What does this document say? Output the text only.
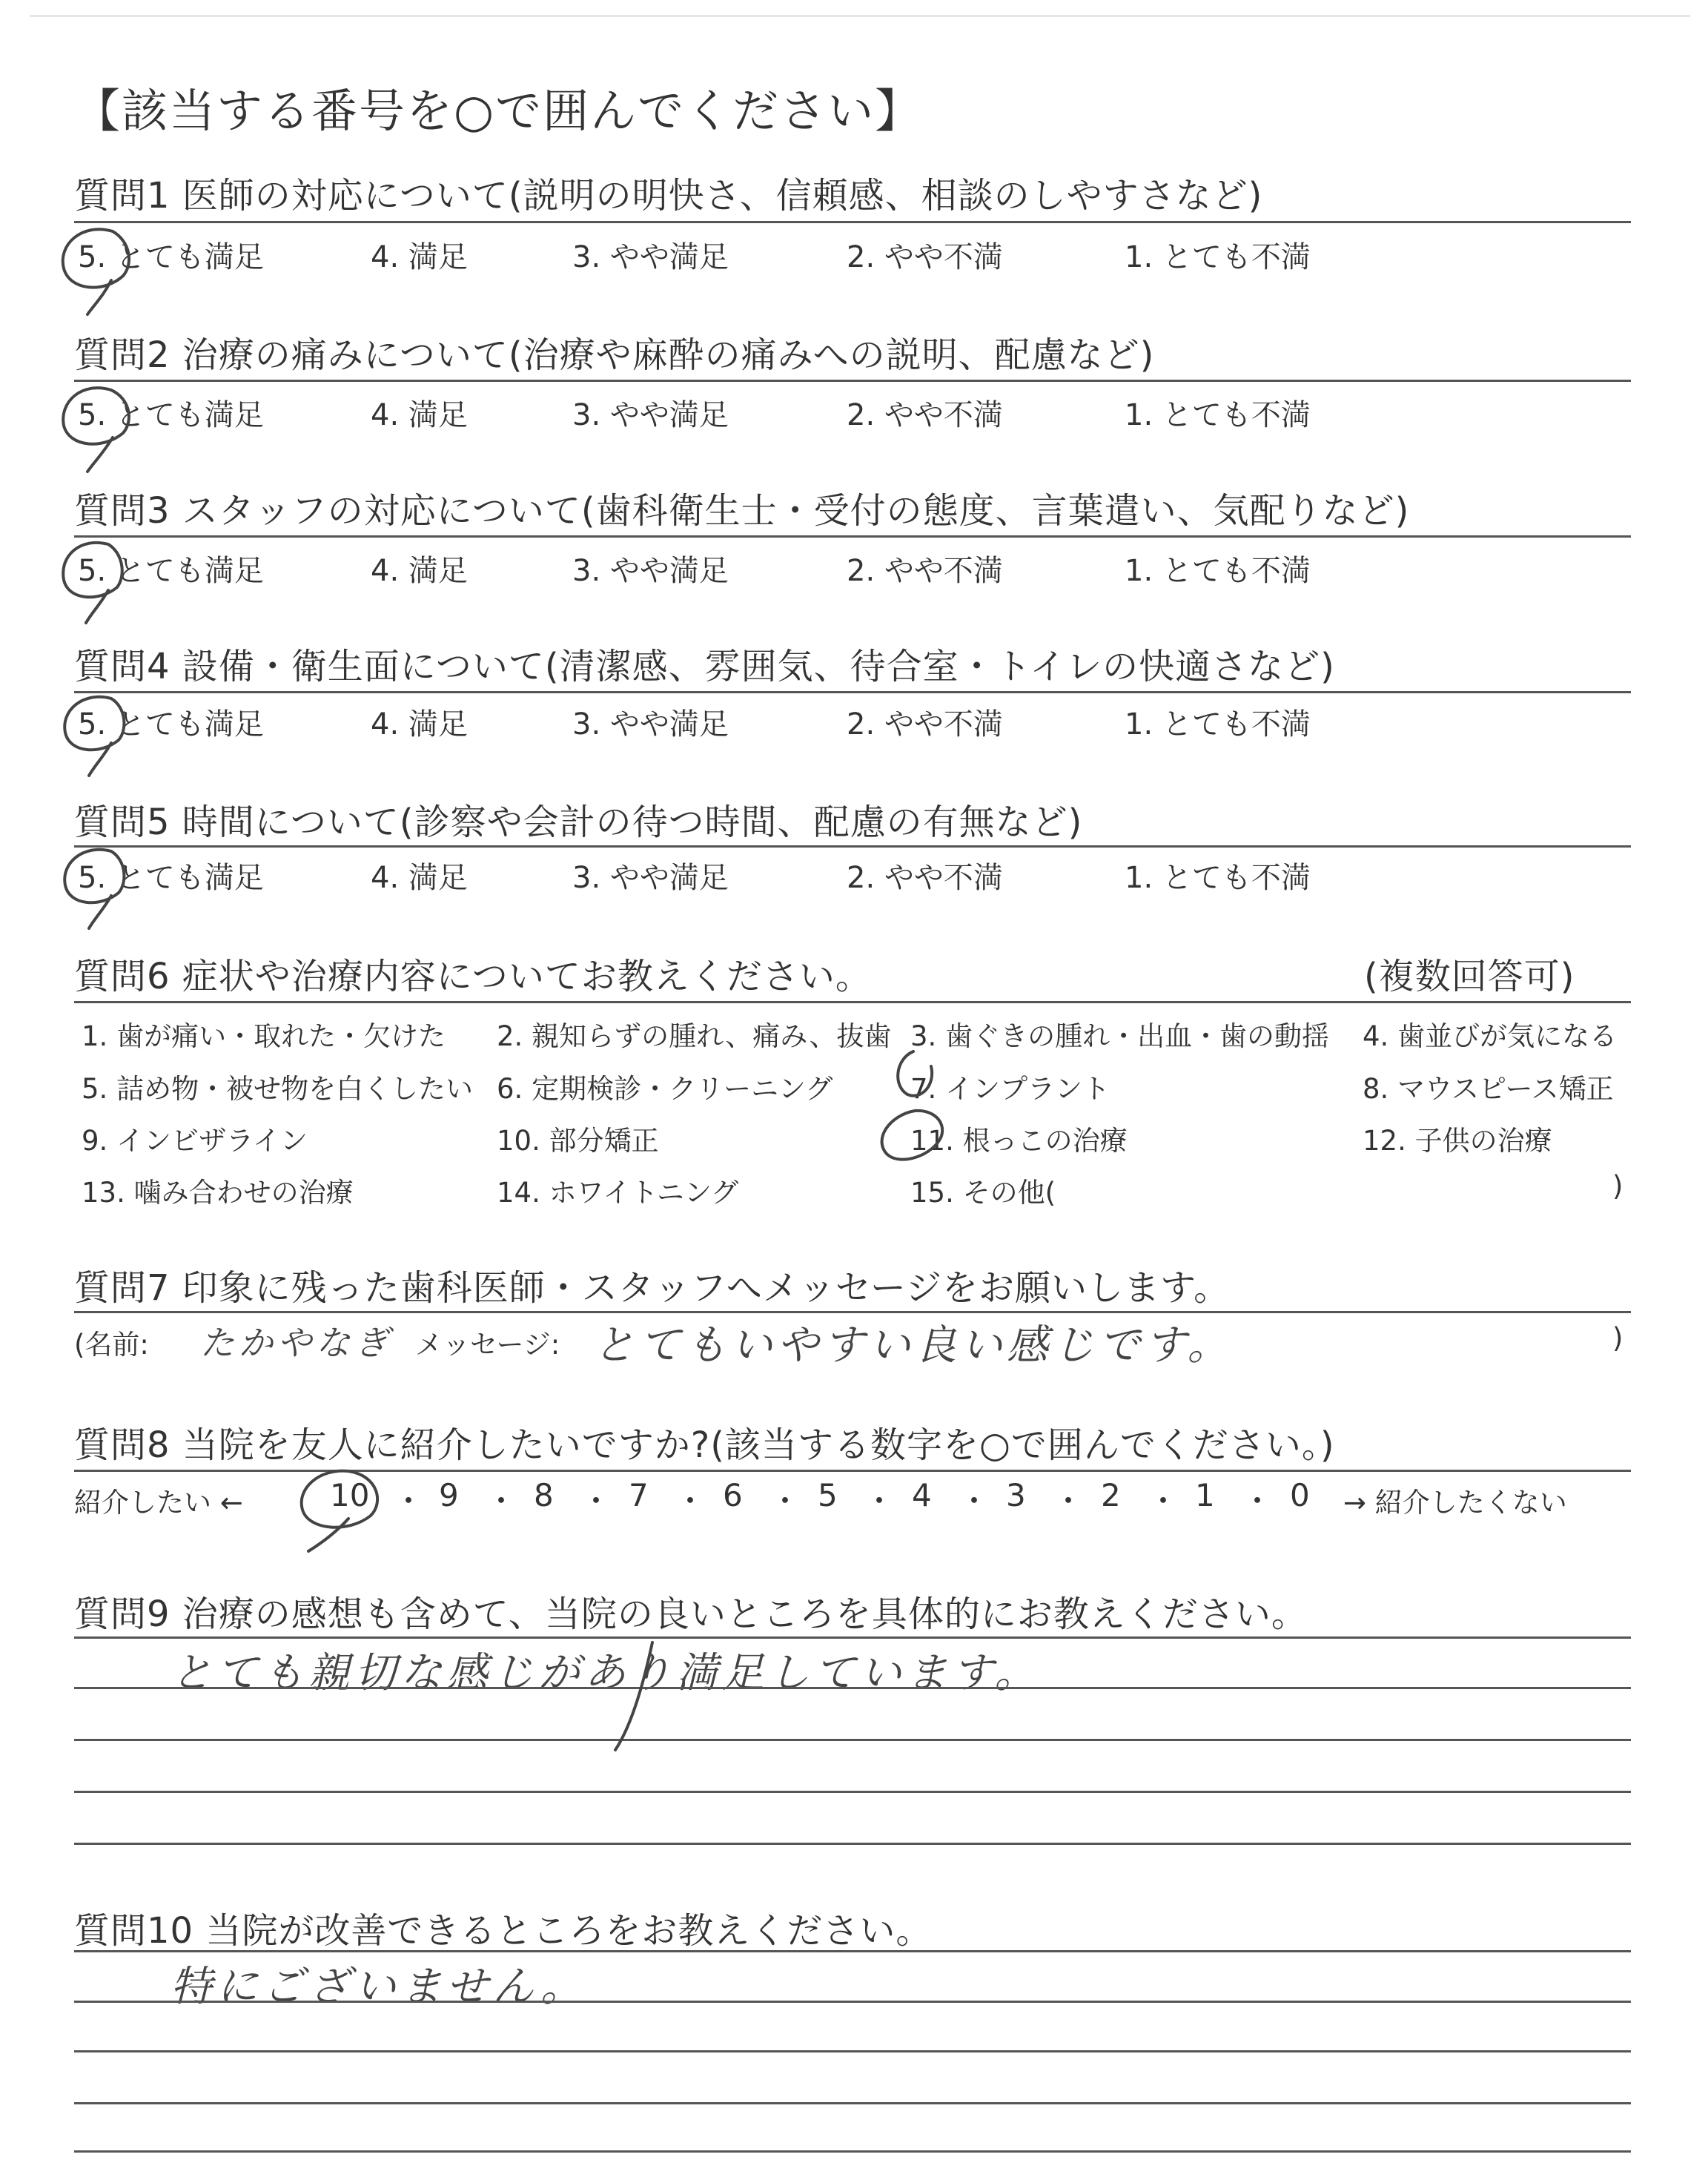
【該当する番号を○で囲んでください】
質問1 医師の対応について(説明の明快さ、信頼感、相談のしやすさなど)
5. とても満足	4. 満足	3. やや満足	2. やや不満	1. とても不満
質問2 治療の痛みについて(治療や麻酔の痛みへの説明、配慮など)
5. とても満足	4. 満足	3. やや満足	2. やや不満	1. とても不満
質問3 スタッフの対応について(歯科衛生士・受付の態度、言葉遣い、気配りなど)
5. とても満足	4. 満足	3. やや満足	2. やや不満	1. とても不満
質問4 設備・衛生面について(清潔感、雰囲気、待合室・トイレの快適さなど)
5. とても満足	4. 満足	3. やや満足	2. やや不満	1. とても不満
質問5 時間について(診察や会計の待つ時間、配慮の有無など)
5. とても満足	4. 満足	3. やや満足	2. やや不満	1. とても不満
質問6 症状や治療内容についてお教えください。	(複数回答可)
1. 歯が痛い・取れた・欠けた 2. 親知らずの腫れ、痛み、抜歯 3. 歯ぐきの腫れ・出血・歯の動揺 4. 歯並びが気になる
5. 詰め物・被せ物を白くしたい 6. 定期検診・クリーニング	7. インプラント	8. マウスピース矯正
9. インビザライン	10. 部分矯正	11. 根っこの治療	12. 子供の治療
13. 噛み合わせの治療	14. ホワイトニング	15. その他(	)
質問7 印象に残った歯科医師・スタッフへメッセージをお願いします。
(名前: たかやなぎ メッセージ: とてもいやすい良い感じです。	)
質問8 当院を友人に紹介したいですか?(該当する数字を○で囲んでください。)
紹介したい ←	10 ・ 9 ・ 8 ・ 7 ・ 6 ・ 5 ・ 4 ・ 3 ・ 2 ・ 1 ・ 0 → 紹介したくない
質問9 治療の感想も含めて、当院の良いところを具体的にお教えください。
とても親切な感じがあり満足しています。
質問10 当院が改善できるところをお教えください。
特にございません。
